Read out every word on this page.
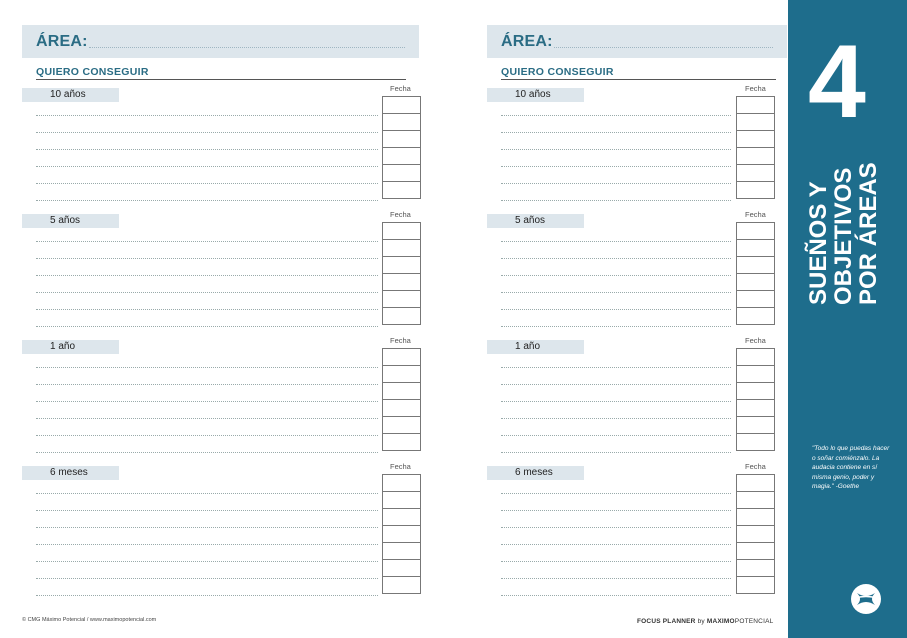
ÁREA:
QUIERO CONSEGUIR
10 años
Fecha
5 años
Fecha
1 año
Fecha
6 meses
Fecha
© CMG Máximo Potencial / www.maximopotencial.com
ÁREA:
QUIERO CONSEGUIR
10 años
Fecha
5 años
Fecha
1 año
Fecha
6 meses
Fecha
FOCUS PLANNER by MAXIMOPOTENCIAL
4
SUEÑOS Y
OBJETIVOS
POR ÁREAS
"Todo lo que puedas hacer o soñar comiénzalo. La audacia contiene en sí misma genio, poder y magia." -Goethe
